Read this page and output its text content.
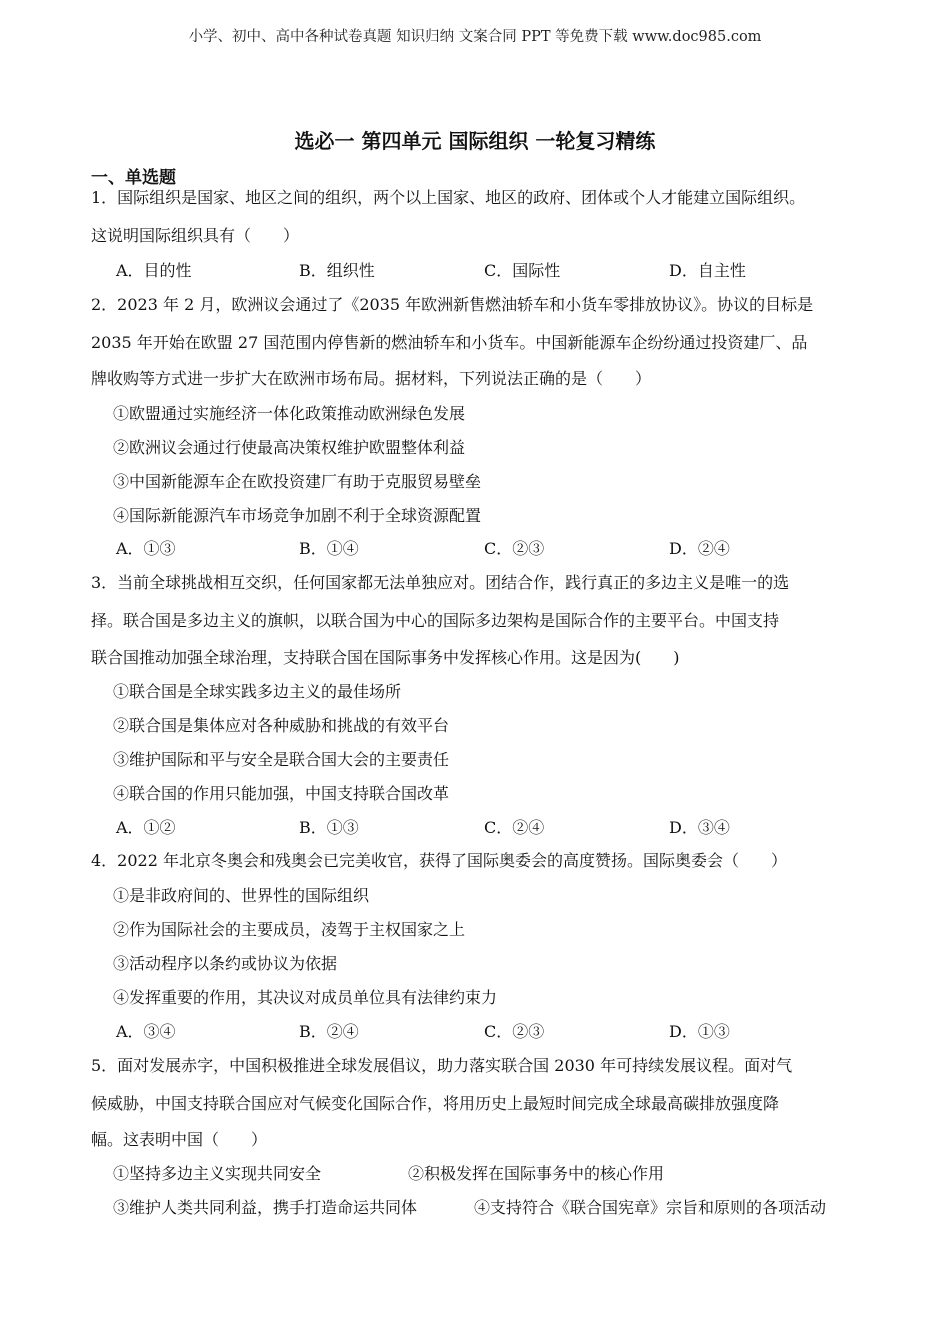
小学、初中、高中各种试卷真题 知识归纳 文案合同 PPT 等免费下载 www.doc985.com
选必一 第四单元 国际组织 一轮复习精练
一、单选题
1．国际组织是国家、地区之间的组织，两个以上国家、地区的政府、团体或个人才能建立国际组织。
这说明国际组织具有（　　）
A．目的性	B．组织性	C．国际性	D．自主性
2．2023 年 2 月，欧洲议会通过了《2035 年欧洲新售燃油轿车和小货车零排放协议》。协议的目标是
2035 年开始在欧盟 27 国范围内停售新的燃油轿车和小货车。中国新能源车企纷纷通过投资建厂、品
牌收购等方式进一步扩大在欧洲市场布局。据材料，下列说法正确的是（　　）
①欧盟通过实施经济一体化政策推动欧洲绿色发展
②欧洲议会通过行使最高决策权维护欧盟整体利益
③中国新能源车企在欧投资建厂有助于克服贸易壁垒
④国际新能源汽车市场竞争加剧不利于全球资源配置
A．①③	B．①④	C．②③	D．②④
3．当前全球挑战相互交织，任何国家都无法单独应对。团结合作，践行真正的多边主义是唯一的选
择。联合国是多边主义的旗帜，以联合国为中心的国际多边架构是国际合作的主要平台。中国支持
联合国推动加强全球治理，支持联合国在国际事务中发挥核心作用。这是因为(　　)
①联合国是全球实践多边主义的最佳场所
②联合国是集体应对各种威胁和挑战的有效平台
③维护国际和平与安全是联合国大会的主要责任
④联合国的作用只能加强，中国支持联合国改革
A．①②	B．①③	C．②④	D．③④
4．2022 年北京冬奥会和残奥会已完美收官，获得了国际奥委会的高度赞扬。国际奥委会（　　）
①是非政府间的、世界性的国际组织
②作为国际社会的主要成员，凌驾于主权国家之上
③活动程序以条约或协议为依据
④发挥重要的作用，其决议对成员单位具有法律约束力
A．③④	B．②④	C．②③	D．①③
5．面对发展赤字，中国积极推进全球发展倡议，助力落实联合国 2030 年可持续发展议程。面对气
候威胁，中国支持联合国应对气候变化国际合作，将用历史上最短时间完成全球最高碳排放强度降
幅。这表明中国（　　）
①坚持多边主义实现共同安全	②积极发挥在国际事务中的核心作用
③维护人类共同利益，携手打造命运共同体	④支持符合《联合国宪章》宗旨和原则的各项活动
